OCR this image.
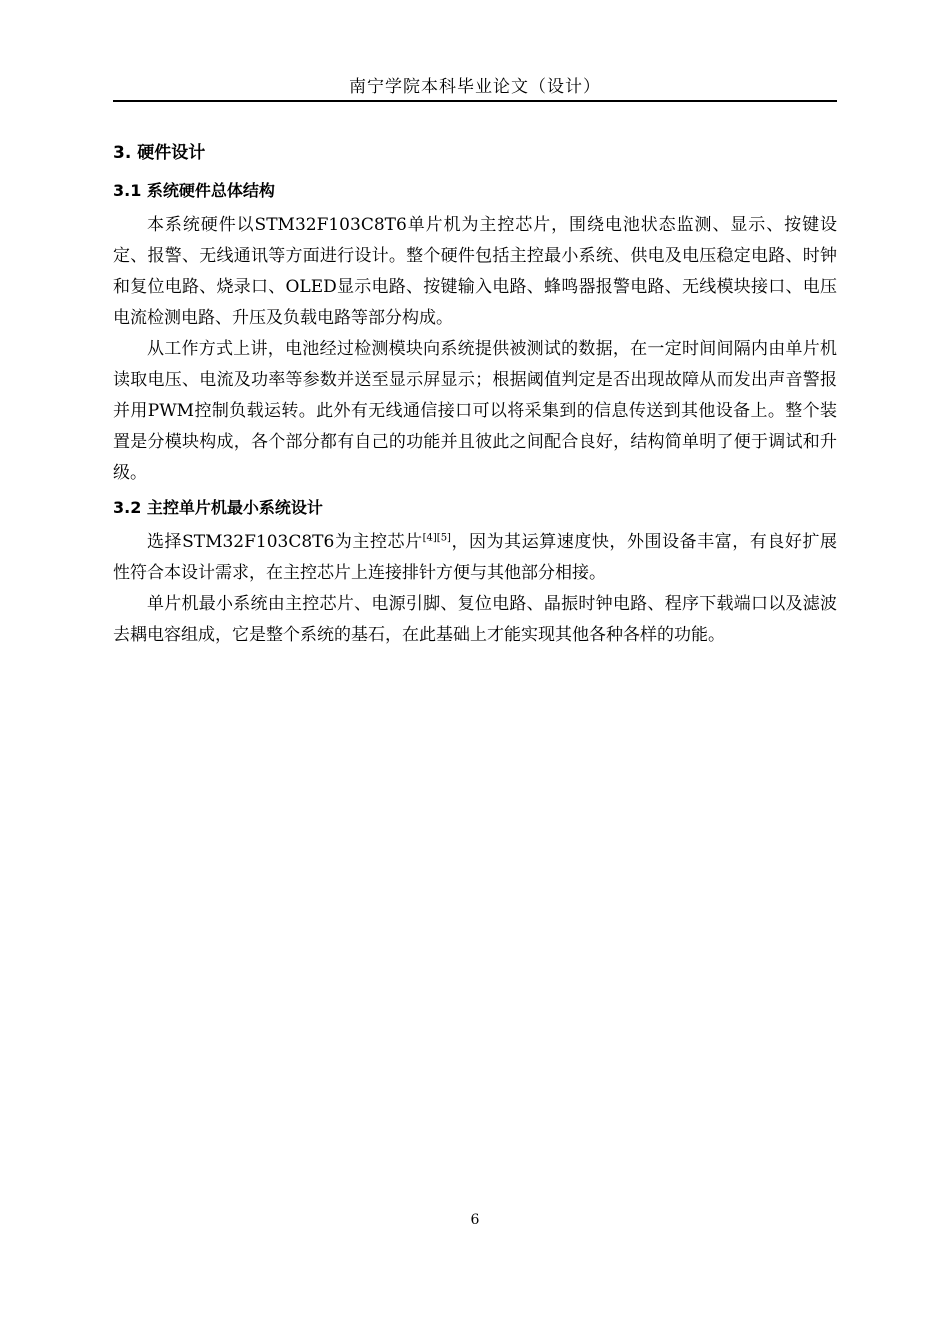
南宁学院本科毕业论文（设计）
3. 硬件设计
3.1 系统硬件总体结构

本系统硬件以STM32F103C8T6单片机为主控芯片，围绕电池状态监测、显示、按键设定、报警、无线通讯等方面进行设计。整个硬件包括主控最小系统、供电及电压稳定电路、时钟和复位电路、烧录口、OLED显示电路、按键输入电路、蜂鸣器报警电路、无线模块接口、电压电流检测电路、升压及负载电路等部分构成。

从工作方式上讲，电池经过检测模块向系统提供被测试的数据，在一定时间间隔内由单片机读取电压、电流及功率等参数并送至显示屏显示；根据阈值判定是否出现故障从而发出声音警报并用PWM控制负载运转。此外有无线通信接口可以将采集到的信息传送到其他设备上。整个装置是分模块构成，各个部分都有自己的功能并且彼此之间配合良好，结构简单明了便于调试和升级。

3.2 主控单片机最小系统设计

选择STM32F103C8T6为主控芯片[4][5]，因为其运算速度快，外围设备丰富，有良好扩展性符合本设计需求，在主控芯片上连接排针方便与其他部分相接。

单片机最小系统由主控芯片、电源引脚、复位电路、晶振时钟电路、程序下载端口以及滤波去耦电容组成，它是整个系统的基石，在此基础上才能实现其他各种各样的功能。

6
